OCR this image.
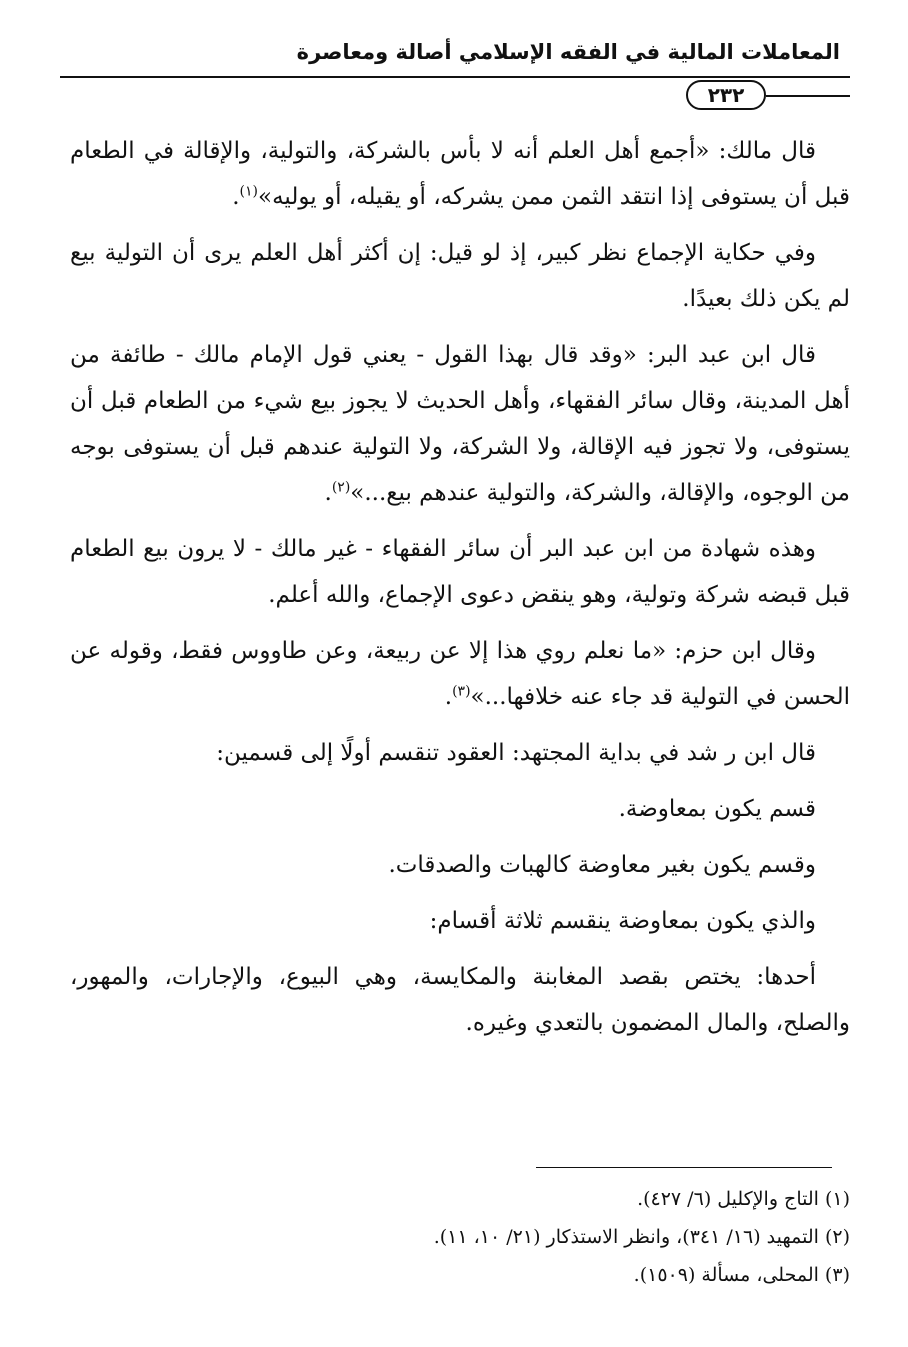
المعاملات المالية في الفقه الإسلامي أصالة ومعاصرة
٢٣٢

قال مالك: «أجمع أهل العلم أنه لا بأس بالشركة، والتولية، والإقالة في الطعام قبل أن يستوفى إذا انتقد الثمن ممن يشركه، أو يقيله، أو يوليه»$^{(١)}$.

وفي حكاية الإجماع نظر كبير، إذ لو قيل: إن أكثر أهل العلم يرى أن التولية بيع لم يكن ذلك بعيدًا.

قال ابن عبد البر: «وقد قال بهذا القول - يعني قول الإمام مالك - طائفة من أهل المدينة، وقال سائر الفقهاء، وأهل الحديث لا يجوز بيع شيء من الطعام قبل أن يستوفى، ولا تجوز فيه الإقالة، ولا الشركة، ولا التولية عندهم قبل أن يستوفى بوجه من الوجوه، والإقالة، والشركة، والتولية عندهم بيع...»$^{(٢)}$.

وهذه شهادة من ابن عبد البر أن سائر الفقهاء - غير مالك - لا يرون بيع الطعام قبل قبضه شركة وتولية، وهو ينقض دعوى الإجماع، والله أعلم.

وقال ابن حزم: «ما نعلم روي هذا إلا عن ربيعة، وعن طاووس فقط، وقوله عن الحسن في التولية قد جاء عنه خلافها...»$^{(٣)}$.

قال ابن ر شد في بداية المجتهد: العقود تنقسم أولًا إلى قسمين:

قسم يكون بمعاوضة.

وقسم يكون بغير معاوضة كالهبات والصدقات.

والذي يكون بمعاوضة ينقسم ثلاثة أقسام:

أحدها: يختص بقصد المغابنة والمكايسة، وهي البيوع، والإجارات، والمهور، والصلح، والمال المضمون بالتعدي وغيره.

(١) التاج والإكليل (٦/ ٤٢٧).
(٢) التمهيد (١٦/ ٣٤١)، وانظر الاستذكار (٢١/ ١٠، ١١).
(٣) المحلى، مسألة (١٥٠٩).
